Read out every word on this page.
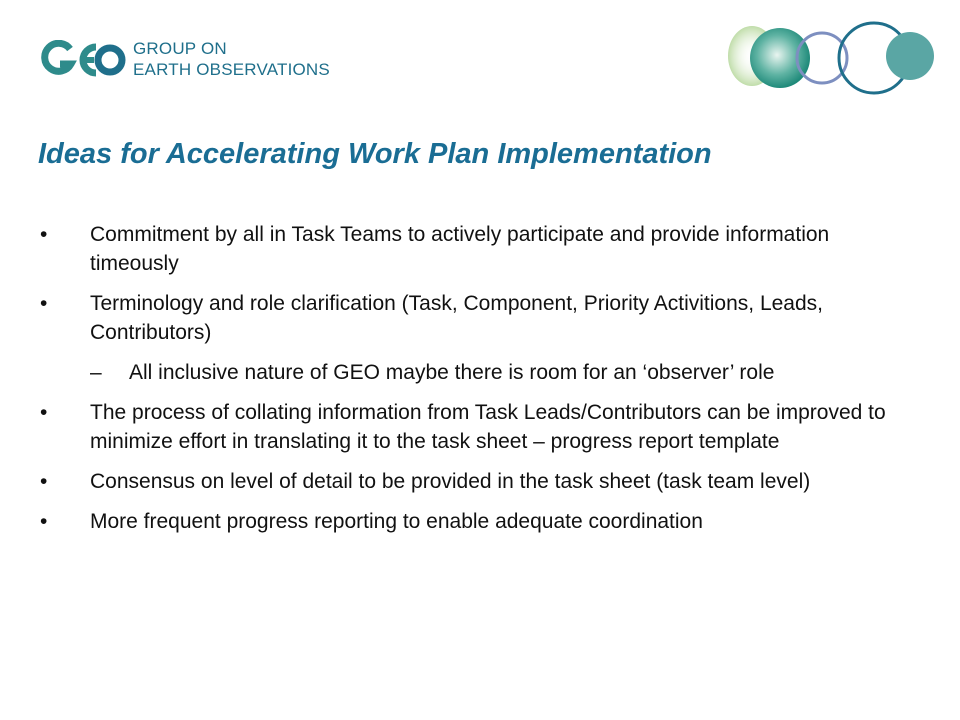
GROUP ON
EARTH OBSERVATIONS
Ideas for Accelerating Work Plan Implementation
• Commitment by all in Task Teams to actively participate and provide information timeously
• Terminology and role clarification (Task, Component, Priority Activitions, Leads, Contributors)
– All inclusive nature of GEO maybe there is room for an ‘observer’ role
• The process of collating information from Task Leads/Contributors can be improved to minimize effort in translating it to the task sheet – progress report template
• Consensus on level of detail to be provided in the task sheet (task team level)
• More frequent progress reporting to enable adequate coordination
